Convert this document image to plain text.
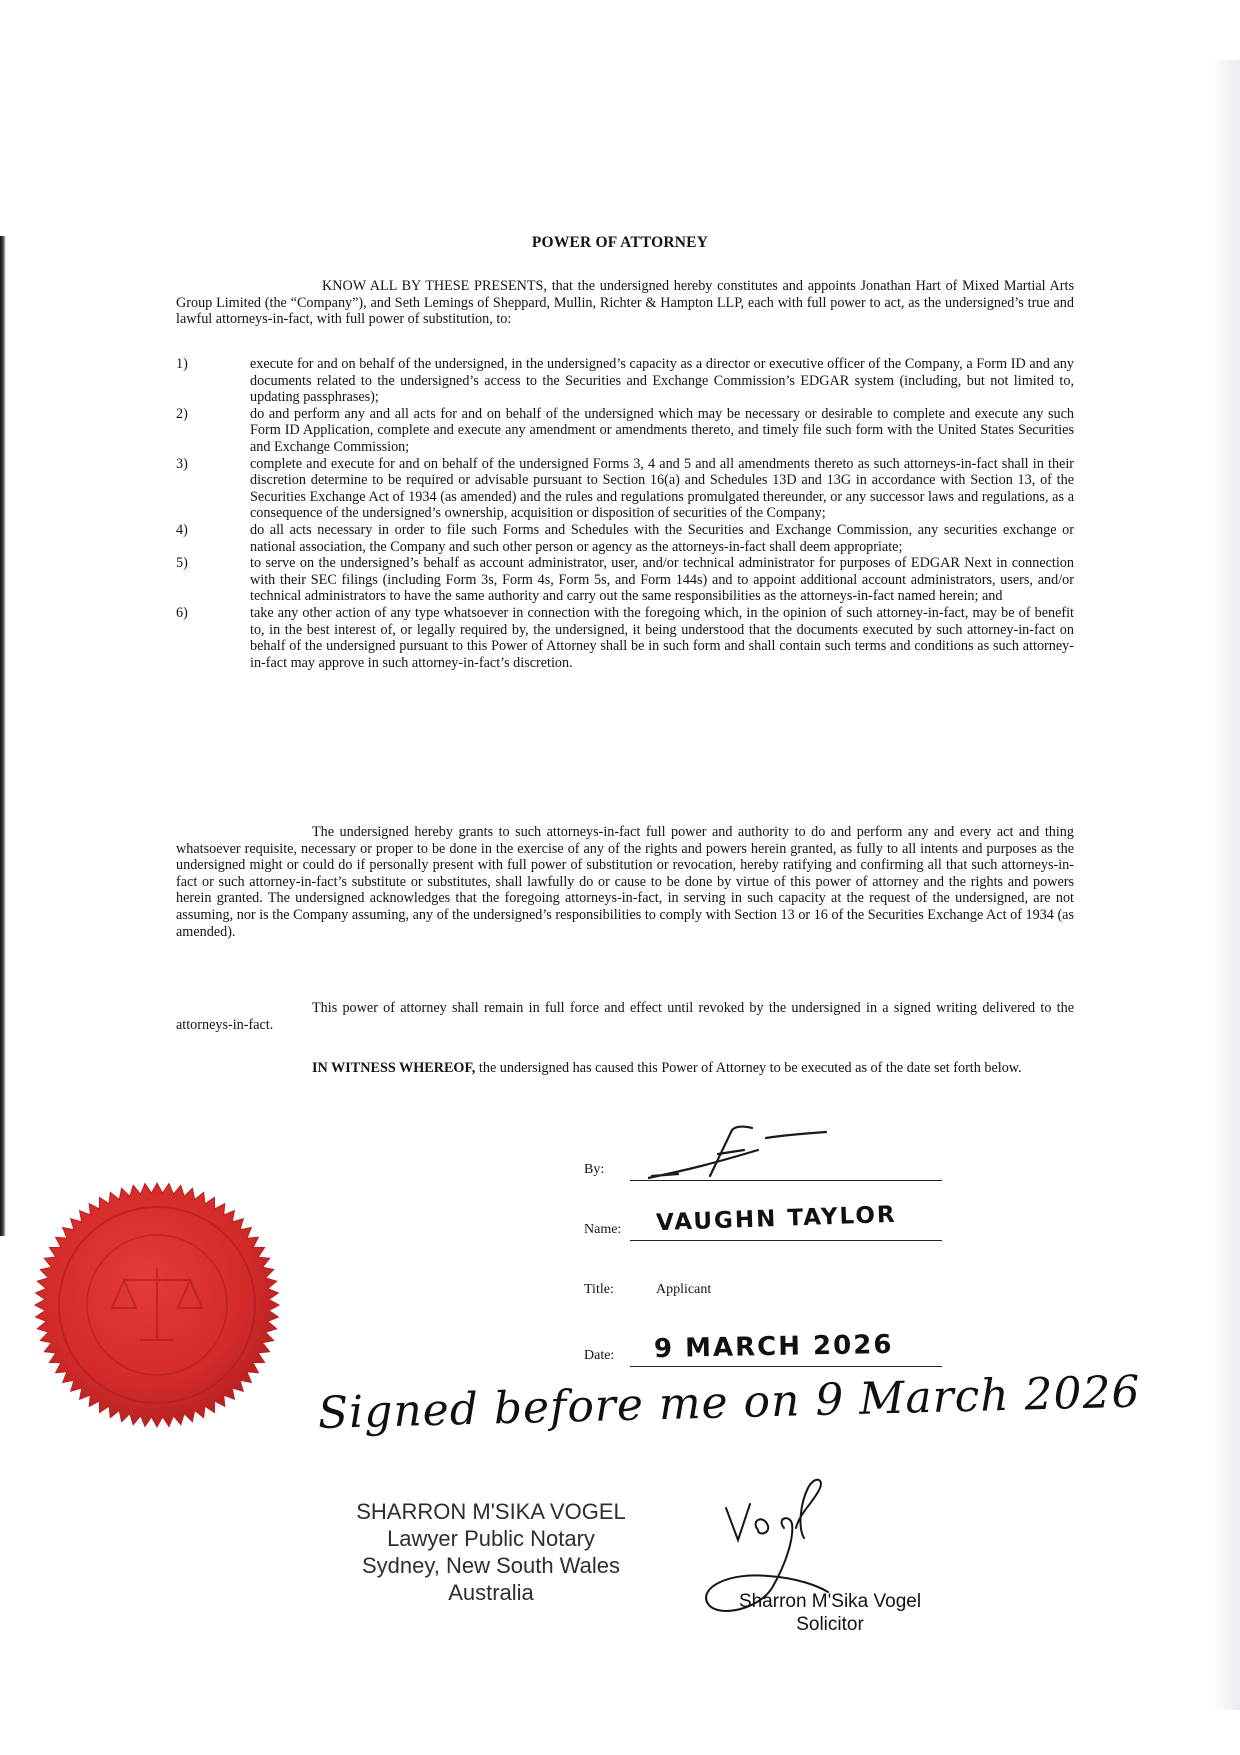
POWER OF ATTORNEY

KNOW ALL BY THESE PRESENTS, that the undersigned hereby constitutes and appoints Jonathan Hart of Mixed Martial Arts Group Limited (the “Company”), and Seth Lemings of Sheppard, Mullin, Richter & Hampton LLP, each with full power to act, as the undersigned’s true and lawful attorneys-in-fact, with full power of substitution, to:

1)	execute for and on behalf of the undersigned, in the undersigned’s capacity as a director or executive officer of the Company, a Form ID and any documents related to the undersigned’s access to the Securities and Exchange Commission’s EDGAR system (including, but not limited to, updating passphrases);
2)	do and perform any and all acts for and on behalf of the undersigned which may be necessary or desirable to complete and execute any such Form ID Application, complete and execute any amendment or amendments thereto, and timely file such form with the United States Securities and Exchange Commission;
3)	complete and execute for and on behalf of the undersigned Forms 3, 4 and 5 and all amendments thereto as such attorneys-in-fact shall in their discretion determine to be required or advisable pursuant to Section 16(a) and Schedules 13D and 13G in accordance with Section 13, of the Securities Exchange Act of 1934 (as amended) and the rules and regulations promulgated thereunder, or any successor laws and regulations, as a consequence of the undersigned’s ownership, acquisition or disposition of securities of the Company;
4)	do all acts necessary in order to file such Forms and Schedules with the Securities and Exchange Commission, any securities exchange or national association, the Company and such other person or agency as the attorneys-in-fact shall deem appropriate;
5)	to serve on the undersigned’s behalf as account administrator, user, and/or technical administrator for purposes of EDGAR Next in connection with their SEC filings (including Form 3s, Form 4s, Form 5s, and Form 144s) and to appoint additional account administrators, users, and/or technical administrators to have the same authority and carry out the same responsibilities as the attorneys-in-fact named herein; and
6)	take any other action of any type whatsoever in connection with the foregoing which, in the opinion of such attorney-in-fact, may be of benefit to, in the best interest of, or legally required by, the undersigned, it being understood that the documents executed by such attorney-in-fact on behalf of the undersigned pursuant to this Power of Attorney shall be in such form and shall contain such terms and conditions as such attorney-in-fact may approve in such attorney-in-fact’s discretion.

The undersigned hereby grants to such attorneys-in-fact full power and authority to do and perform any and every act and thing whatsoever requisite, necessary or proper to be done in the exercise of any of the rights and powers herein granted, as fully to all intents and purposes as the undersigned might or could do if personally present with full power of substitution or revocation, hereby ratifying and confirming all that such attorneys-in-fact or such attorney-in-fact’s substitute or substitutes, shall lawfully do or cause to be done by virtue of this power of attorney and the rights and powers herein granted. The undersigned acknowledges that the foregoing attorneys-in-fact, in serving in such capacity at the request of the undersigned, are not assuming, nor is the Company assuming, any of the undersigned’s responsibilities to comply with Section 13 or 16 of the Securities Exchange Act of 1934 (as amended).

This power of attorney shall remain in full force and effect until revoked by the undersigned in a signed writing delivered to the attorneys-in-fact.

IN WITNESS WHEREOF, the undersigned has caused this Power of Attorney to be executed as of the date set forth below.

By:
Name: VAUGHN TAYLOR
Title:	Applicant
Date: 9 MARCH 2026
Signed before me on 9 March 2026
SHARRON M'SIKA VOGEL
Lawyer Public Notary
Sydney, New South Wales
Australia	Sharron M'Sika Vogel
Solicitor
